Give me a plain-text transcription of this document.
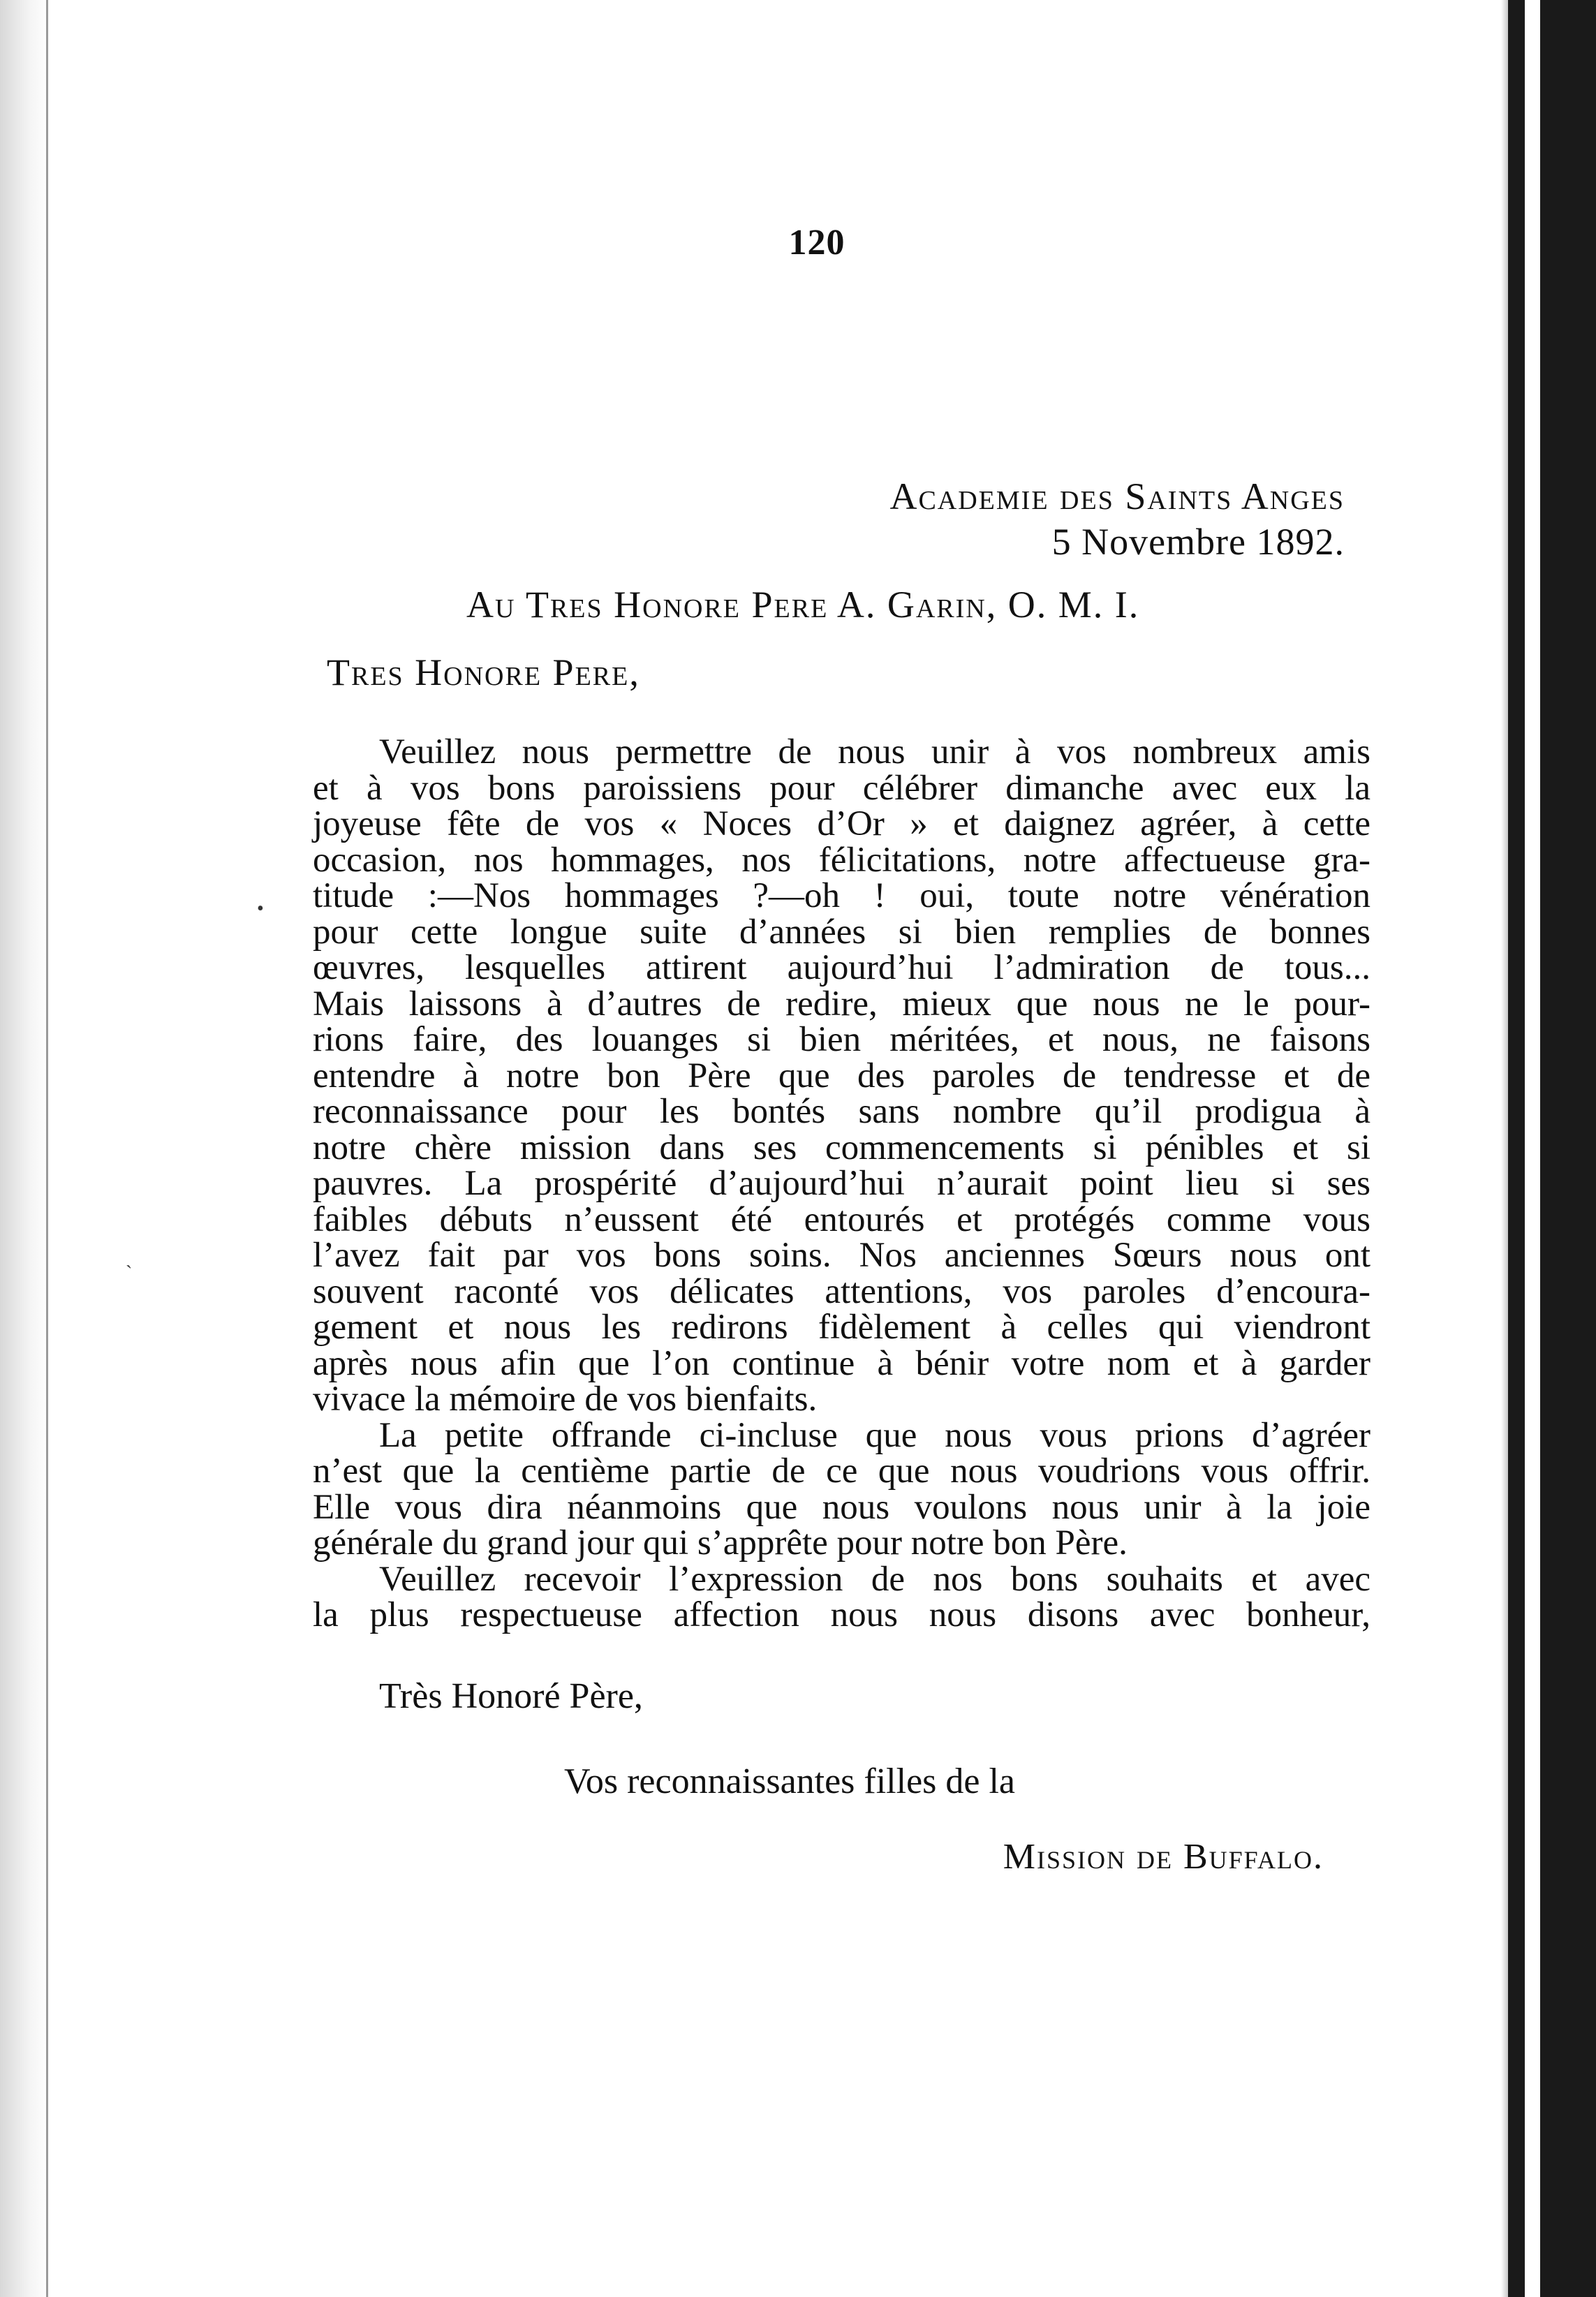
120
Academie des Saints Anges
5 Novembre 1892.
Au Tres Honore Pere A. Garin, O. M. I.
Tres Honore Pere,
Veuillez nous permettre de nous unir à vos nombreux amis
et à vos bons paroissiens pour célébrer dimanche avec eux la
joyeuse fête de vos « Noces d’Or » et daignez agréer, à cette
occasion, nos hommages, nos félicitations, notre affectueuse gra-
titude :—Nos hommages ?—oh ! oui, toute notre vénération
pour cette longue suite d’années si bien remplies de bonnes
œuvres, lesquelles attirent aujourd’hui l’admiration de tous...
Mais laissons à d’autres de redire, mieux que nous ne le pour-
rions faire, des louanges si bien méritées, et nous, ne faisons
entendre à notre bon Père que des paroles de tendresse et de
reconnaissance pour les bontés sans nombre qu’il prodigua à
notre chère mission dans ses commencements si pénibles et si
pauvres. La prospérité d’aujourd’hui n’aurait point lieu si ses
faibles débuts n’eussent été entourés et protégés comme vous
l’avez fait par vos bons soins. Nos anciennes Sœurs nous ont
souvent raconté vos délicates attentions, vos paroles d’encoura-
gement et nous les redirons fidèlement à celles qui viendront
après nous afin que l’on continue à bénir votre nom et à garder
vivace la mémoire de vos bienfaits.
La petite offrande ci-incluse que nous vous prions d’agréer
n’est que la centième partie de ce que nous voudrions vous offrir.
Elle vous dira néanmoins que nous voulons nous unir à la joie
générale du grand jour qui s’apprête pour notre bon Père.
Veuillez recevoir l’expression de nos bons souhaits et avec
la plus respectueuse affection nous nous disons avec bonheur,
•
`
Très Honoré Père,
Vos reconnaissantes filles de la
Mission de Buffalo.
